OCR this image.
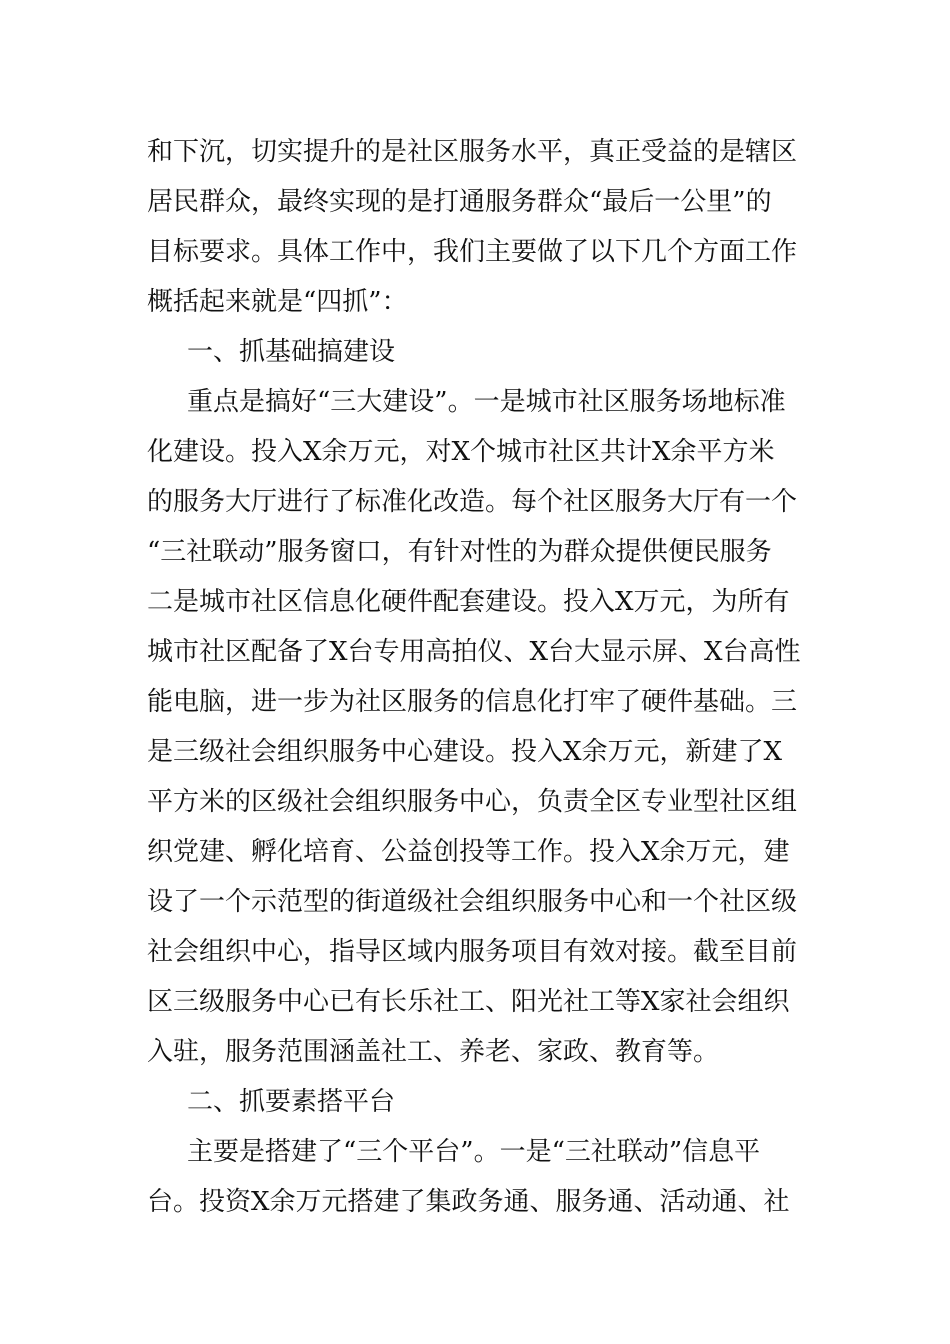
和下沉，切实提升的是社区服务水平，真正受益的是辖区
居民群众，最终实现的是打通服务群众“最后一公里”的
目标要求。具体工作中，我们主要做了以下几个方面工作
概括起来就是“四抓”：
一、抓基础搞建设
重点是搞好“三大建设”。一是城市社区服务场地标准
化建设。投入X余万元，对X个城市社区共计X余平方米
的服务大厅进行了标准化改造。每个社区服务大厅有一个
“三社联动”服务窗口，有针对性的为群众提供便民服务
二是城市社区信息化硬件配套建设。投入X万元，为所有
城市社区配备了X台专用高拍仪、X台大显示屏、X台高性
能电脑，进一步为社区服务的信息化打牢了硬件基础。三
是三级社会组织服务中心建设。投入X余万元，新建了X
平方米的区级社会组织服务中心，负责全区专业型社区组
织党建、孵化培育、公益创投等工作。投入X余万元，建
设了一个示范型的街道级社会组织服务中心和一个社区级
社会组织中心，指导区域内服务项目有效对接。截至目前
区三级服务中心已有长乐社工、阳光社工等X家社会组织
入驻，服务范围涵盖社工、养老、家政、教育等。
二、抓要素搭平台
主要是搭建了“三个平台”。一是“三社联动”信息平
台。投资X余万元搭建了集政务通、服务通、活动通、社
